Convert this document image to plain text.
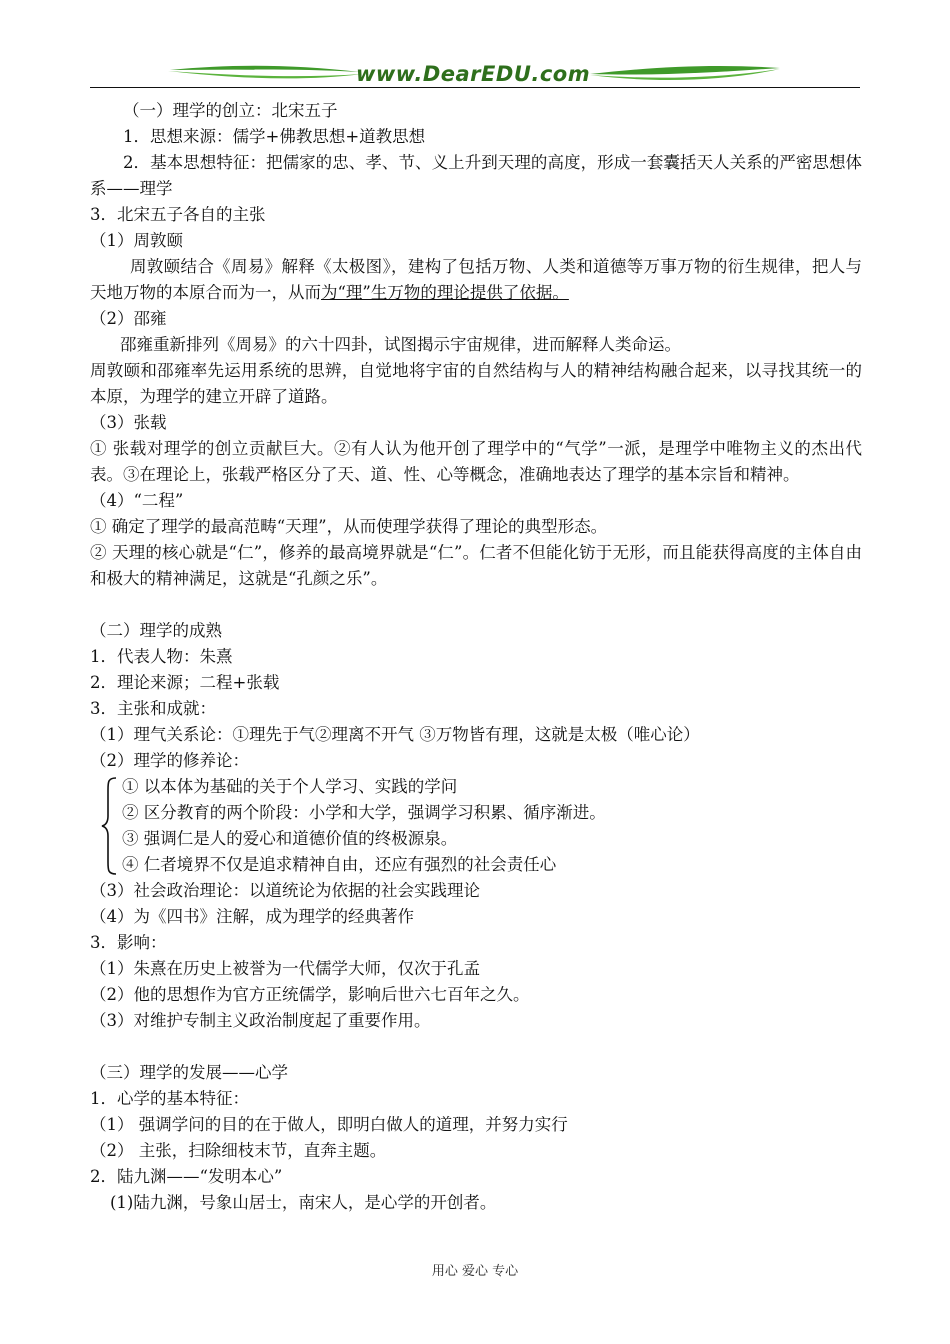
www.DearEDU.com
（一）理学的创立：北宋五子
1．思想来源：儒学+佛教思想+道教思想
2．基本思想特征：把儒家的忠、孝、节、义上升到天理的高度，形成一套囊括天人关系的严密思想体系——理学
3．北宋五子各自的主张
（1）周敦颐
周敦颐结合《周易》解释《太极图》，建构了包括万物、人类和道德等万事万物的衍生规律，把人与天地万物的本原合而为一，从而为“理”生万物的理论提供了依据。
（2）邵雍
邵雍重新排列《周易》的六十四卦，试图揭示宇宙规律，进而解释人类命运。
周敦颐和邵雍率先运用系统的思辨，自觉地将宇宙的自然结构与人的精神结构融合起来，以寻找其统一的本原，为理学的建立开辟了道路。
（3）张载
① 张载对理学的创立贡献巨大。②有人认为他开创了理学中的“气学”一派，是理学中唯物主义的杰出代表。③在理论上，张载严格区分了天、道、性、心等概念，准确地表达了理学的基本宗旨和精神。
（4）“二程”
① 确定了理学的最高范畴“天理”，从而使理学获得了理论的典型形态。
② 天理的核心就是“仁”，修养的最高境界就是“仁”。仁者不但能化钫于无形，而且能获得高度的主体自由和极大的精神满足，这就是“孔颜之乐”。
（二）理学的成熟
1．代表人物：朱熹
2．理论来源；二程+张载
3．主张和成就：
（1）理气关系论：①理先于气②理离不开气 ③万物皆有理，这就是太极（唯心论）
（2）理学的修养论：
① 以本体为基础的关于个人学习、实践的学问
② 区分教育的两个阶段：小学和大学，强调学习积累、循序渐进。
③ 强调仁是人的爱心和道德价值的终极源泉。
④ 仁者境界不仅是追求精神自由，还应有强烈的社会责任心
（3）社会政治理论：以道统论为依据的社会实践理论
（4）为《四书》注解，成为理学的经典著作
3．影响：
（1）朱熹在历史上被誉为一代儒学大师，仅次于孔孟
（2）他的思想作为官方正统儒学，影响后世六七百年之久。
（3）对维护专制主义政治制度起了重要作用。
（三）理学的发展——心学
1．心学的基本特征：
（1） 强调学问的目的在于做人，即明白做人的道理，并努力实行
（2） 主张，扫除细枝末节，直奔主题。
2．陆九渊——“发明本心”
(1)陆九渊，号象山居士，南宋人，是心学的开创者。
用心 爱心 专心
